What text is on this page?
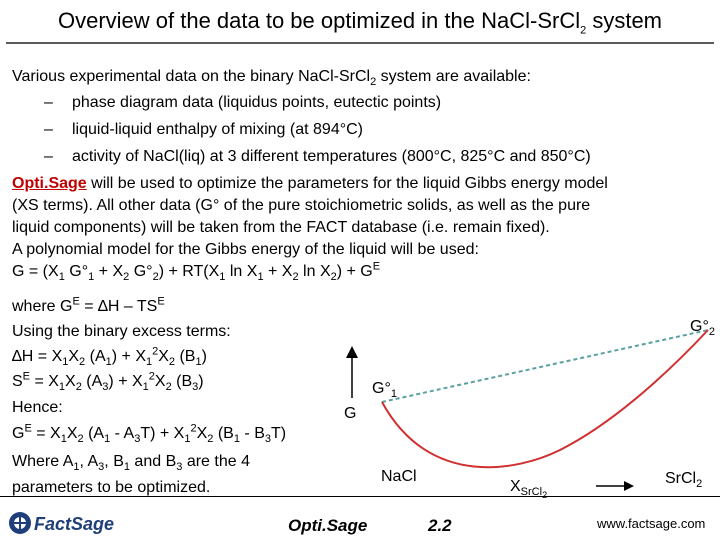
Overview of the data to be optimized in the NaCl-SrCl$_2$ system
Various experimental data on the binary NaCl-SrCl$_2$ system are available:
– phase diagram data (liquidus points, eutectic points)
– liquid-liquid enthalpy of mixing (at 894°C)
– activity of NaCl(liq) at 3 different temperatures (800°C, 825°C and 850°C)
Opti.Sage will be used to optimize the parameters for the liquid Gibbs energy model
(XS terms). All other data (G° of the pure stoichiometric solids, as well as the pure
liquid components) will be taken from the FACT database (i.e. remain fixed).
A polynomial model for the Gibbs energy of the liquid will be used:
$G = (X_1$ $G^\circ_1 + X_2$ $G^\circ_2) + RT(X_1$ $\ln X_1 + X_2$ $\ln X_2) + G^E$
where $G^E = \Delta H - TS^E$
Using the binary excess terms:
$\Delta H = X_1X_2$ $(A_1) + X_1^2X_2$ $(B_1)$
$S^E = X_1X_2$ $(A_3) + X_1^2X_2$ $(B_3)$
Hence:
$G^E = X_1X_2$ $(A_1 - A_3T) + X_1^2X_2$ $(B_1 - B_3T)$
Where $A_1$, $A_3$, $B_1$ and $B_3$ are the 4
parameters to be optimized.
G
$G^\circ_1$
$G^\circ_2$
NaCl
$X_{SrCl_2}$
SrCl$_2$
FactSage	Opti.Sage	2.2	www.factsage.com
